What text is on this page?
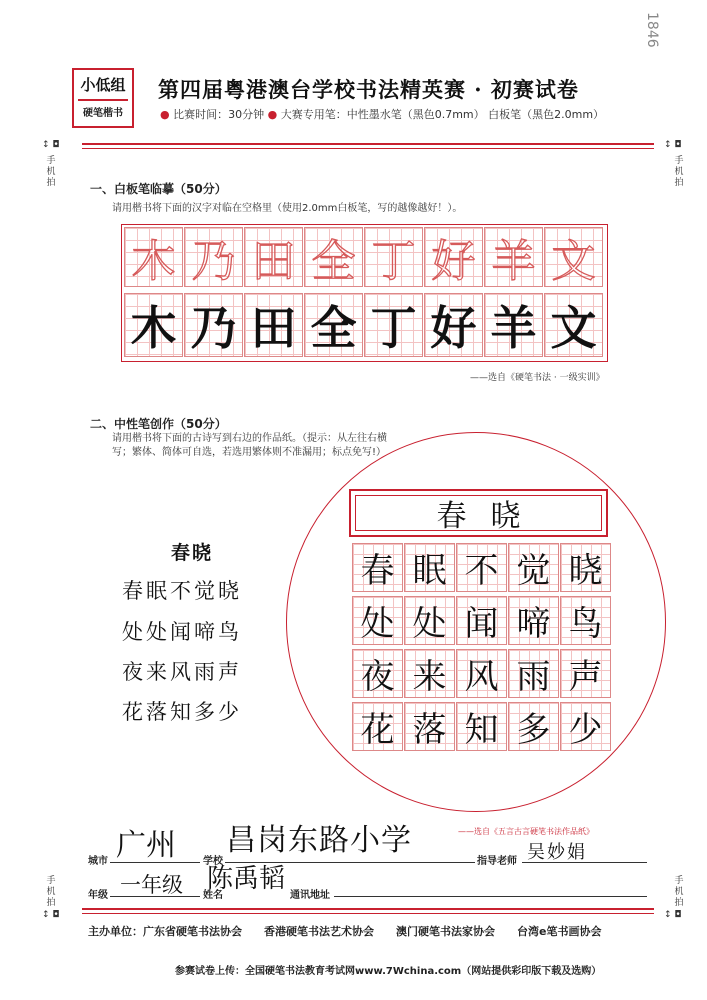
1846
小低组
硬笔楷书
第四届粤港澳台学校书法精英赛 · 初赛试卷
● 比赛时间：30分钟 ● 大赛专用笔：中性墨水笔（黑色0.7mm） 白板笔（黑色2.0mm）
↕ ◘
手机拍
↕ ◘
手机拍
手机拍
↕ ◘
手机拍
↕ ◘
一、白板笔临摹（50分）
请用楷书将下面的汉字对临在空格里（使用2.0mm白板笔，写的越像越好！）。
木 乃 田 全 丁 好 羊 文
木 乃 田 全 丁 好 羊 文
——选自《硬笔书法 · 一级实训》
二、中性笔创作（50分）
请用楷书将下面的古诗写到右边的作品纸。（提示：从左往右横写；繁体、简体可自选，若选用繁体则不准漏用；标点免写!）
春晓
春眠不觉晓
处处闻啼鸟
夜来风雨声
花落知多少
春晓
——选自《五言古言硬笔书法作品纸》
城市 广州	学校
昌岗东路小学
指导老师 吴妙娟
年级 一年级 姓名
陈禹韬
通讯地址
主办单位：广东省硬笔书法协会　　香港硬笔书法艺术协会　　澳门硬笔书法家协会　　台湾e笔书画协会
参赛试卷上传：全国硬笔书法教育考试网www.7Wchina.com（网站提供彩印版下载及选购）
春 眠 不 觉 晓
处 处 闻 啼 鸟
夜 来 风 雨 声
花 落 知 多 少
